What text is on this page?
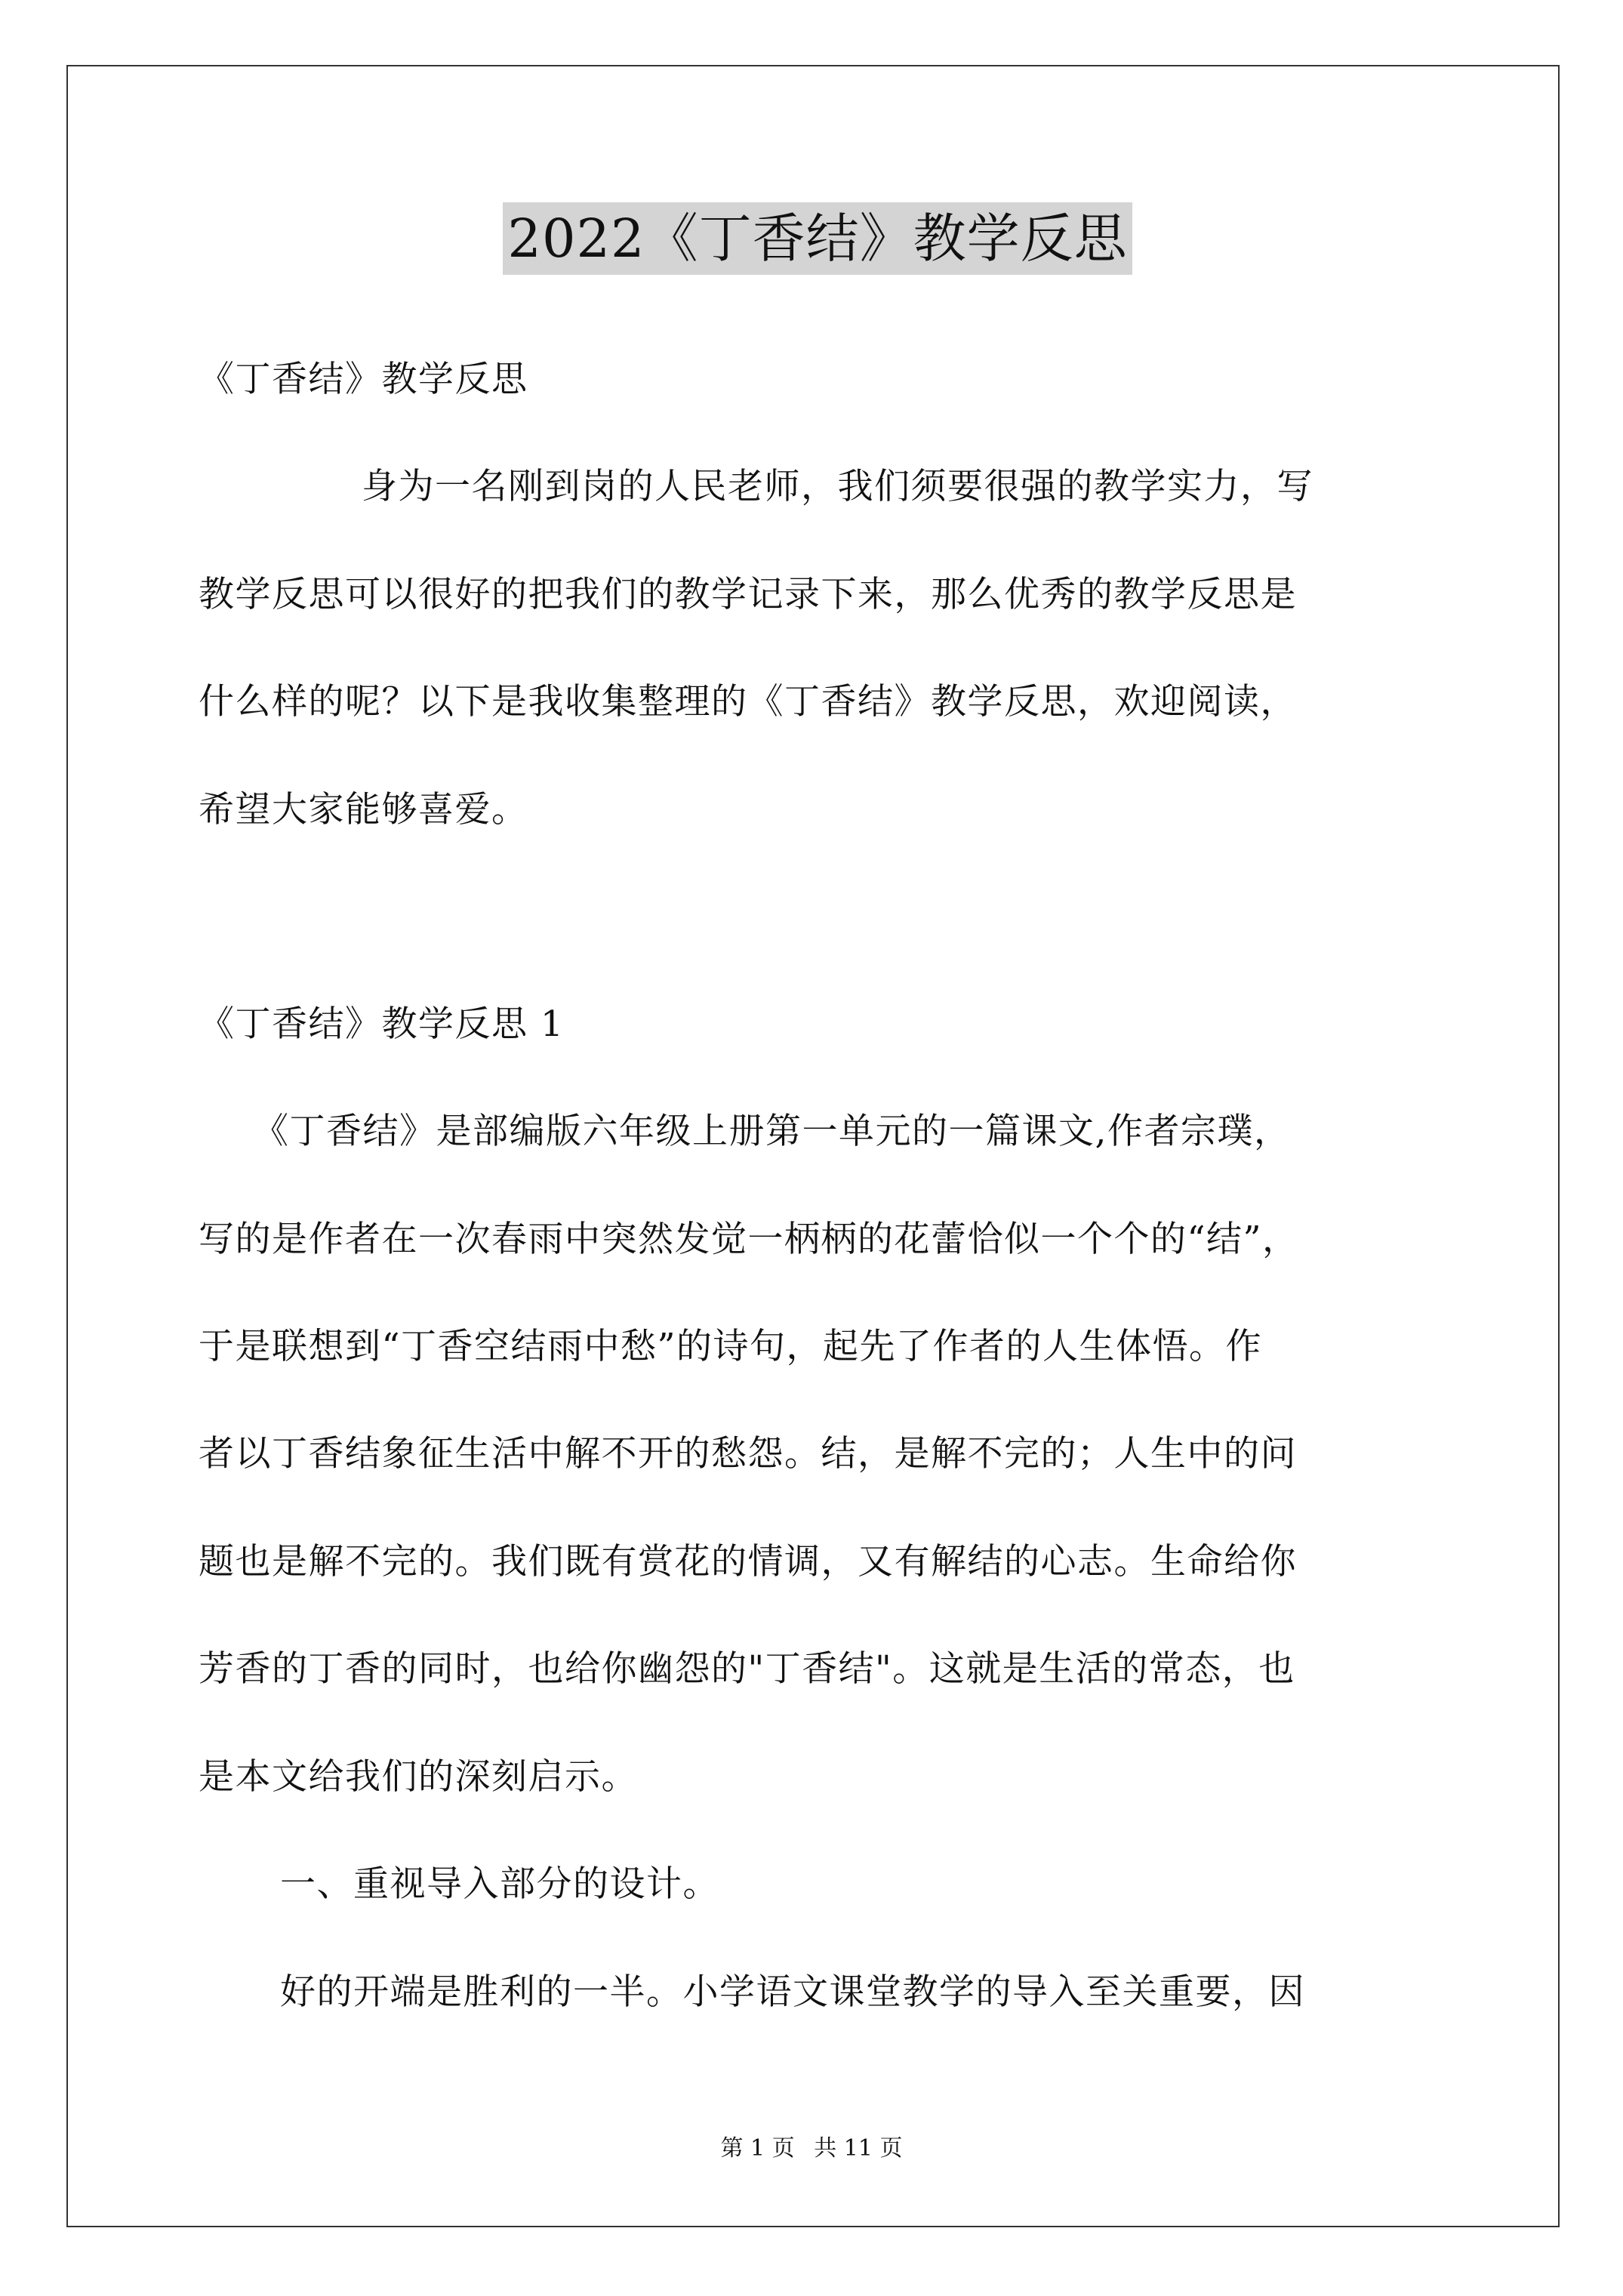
2022《丁香结》教学反思
《丁香结》教学反思
身为一名刚到岗的人民老师，我们须要很强的教学实力，写
教学反思可以很好的把我们的教学记录下来，那么优秀的教学反思是
什么样的呢？以下是我收集整理的《丁香结》教学反思，欢迎阅读，
希望大家能够喜爱。
《丁香结》教学反思 1
《丁香结》是部编版六年级上册第一单元的一篇课文,作者宗璞，
写的是作者在一次春雨中突然发觉一柄柄的花蕾恰似一个个的“结”，
于是联想到“丁香空结雨中愁”的诗句，起先了作者的人生体悟。作
者以丁香结象征生活中解不开的愁怨。结，是解不完的；人生中的问
题也是解不完的。我们既有赏花的情调，又有解结的心志。生命给你
芳香的丁香的同时，也给你幽怨的"丁香结"。这就是生活的常态，也
是本文给我们的深刻启示。
一、重视导入部分的设计。
好的开端是胜利的一半。小学语文课堂教学的导入至关重要，因
第 1 页 共 11 页
